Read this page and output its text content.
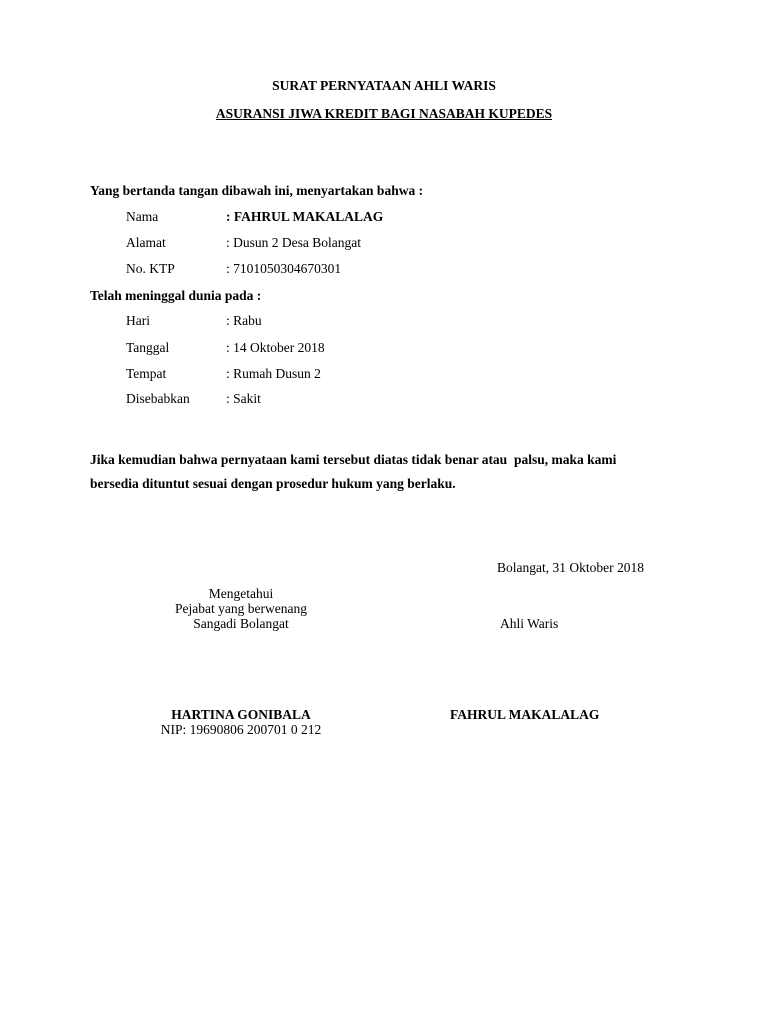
SURAT PERNYATAAN AHLI WARIS
ASURANSI JIWA KREDIT BAGI NASABAH KUPEDES
Yang bertanda tangan dibawah ini, menyartakan bahwa :
Nama	: FAHRUL MAKALALAG
Alamat	: Dusun 2 Desa Bolangat
No. KTP	: 7101050304670301
Telah meninggal dunia pada :
Hari	: Rabu
Tanggal	: 14 Oktober 2018
Tempat	: Rumah Dusun 2
Disebabkan	: Sakit
Jika kemudian bahwa pernyataan kami tersebut diatas tidak benar atau  palsu, maka kami
bersedia dituntut sesuai dengan prosedur hukum yang berlaku.
Bolangat, 31 Oktober 2018
Mengetahui
Pejabat yang berwenang
Sangadi Bolangat	Ahli Waris
HARTINA GONIBALA
NIP: 19690806 200701 0 212
FAHRUL MAKALALAG
